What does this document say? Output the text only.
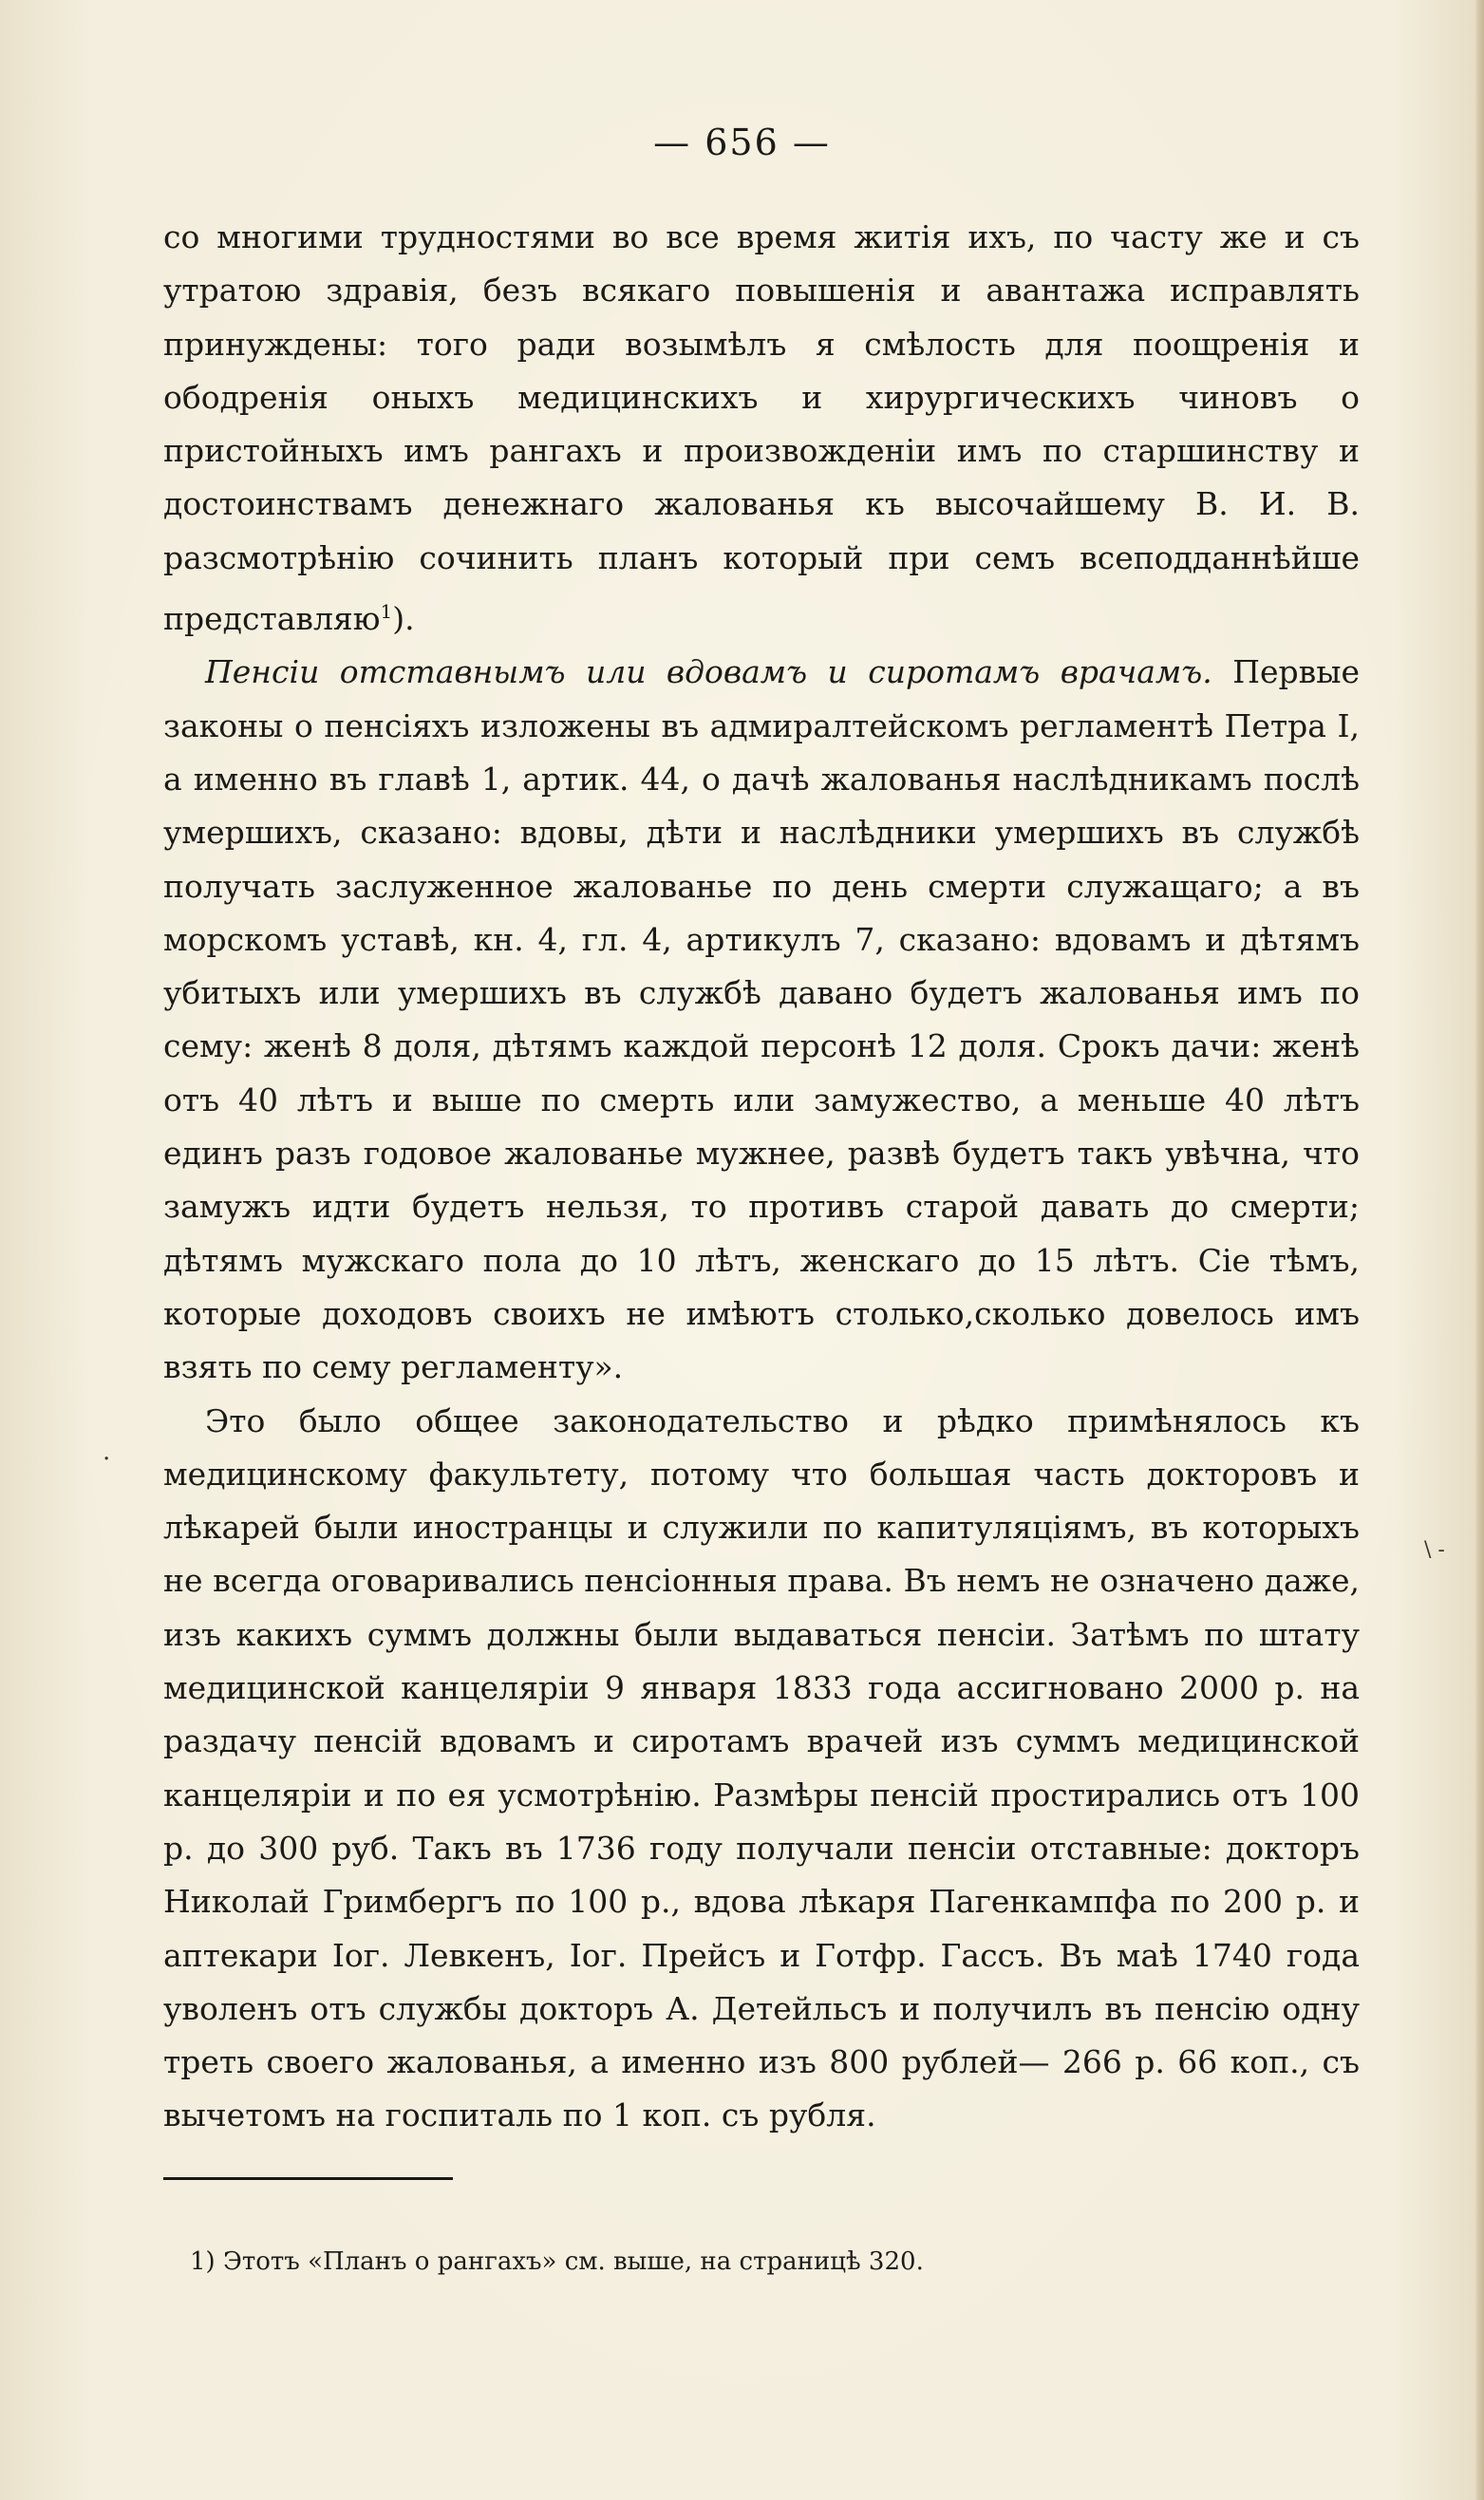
— 656 —

со многими трудностями во все время житія ихъ, по часту же и съ утратою здравія, безъ всякаго повышенія и авантажа исправлять принуждены: того ради возымѣлъ я смѣлость для поощренія и ободренія оныхъ медицинскихъ и хирургическихъ чиновъ о пристойныхъ имъ рангахъ и произвожденіи имъ по старшинству и достоинствамъ денежнаго жалованья къ высочайшему В. И. В. разсмотрѣнію сочинить планъ который при семъ всеподданнѣйше представляю$^1$).

Пенсіи отставнымъ или вдовамъ и сиротамъ врачамъ. Первые законы о пенсіяхъ изложены въ адмиралтейскомъ регламентѣ Петра I, а именно въ главѣ 1, артик. 44, о дачѣ жалованья наслѣдникамъ послѣ умершихъ, сказано: вдовы, дѣти и наслѣдники умершихъ въ службѣ получать заслуженное жалованье по день смерти служащаго; а въ морскомъ уставѣ, кн. 4, гл. 4, артикулъ 7, сказано: вдовамъ и дѣтямъ убитыхъ или умершихъ въ службѣ давано будетъ жалованья имъ по сему: женѣ 8 доля, дѣтямъ каждой персонѣ 12 доля. Срокъ дачи: женѣ отъ 40 лѣтъ и выше по смерть или замужество, а меньше 40 лѣтъ единъ разъ годовое жалованье мужнее, развѣ будетъ такъ увѣчна, что замужъ идти будетъ нельзя, то противъ старой давать до смерти; дѣтямъ мужскаго пола до 10 лѣтъ, женскаго до 15 лѣтъ. Сіе тѣмъ, которые доходовъ своихъ не имѣютъ столько,сколько довелось имъ взять по сему регламенту».

Это было общее законодательство и рѣдко примѣнялось къ медицинскому факультету, потому что большая часть докторовъ и лѣкарей были иностранцы и служили по капитуляціямъ, въ которыхъ не всегда оговаривались пенсіонныя права. Въ немъ не означено даже, изъ какихъ суммъ должны были выдаваться пенсіи. Затѣмъ по штату медицинской канцеляріи 9 января 1833 года ассигновано 2000 р. на раздачу пенсій вдовамъ и сиротамъ врачей изъ суммъ медицинской канцеляріи и по ея усмотрѣнію. Размѣры пенсій простирались отъ 100 р. до 300 руб. Такъ въ 1736 году получали пенсіи отставные: докторъ Николай Гримбергъ по 100 р., вдова лѣкаря Пагенкампфа по 200 р. и аптекари Іог. Левкенъ, Іог. Прейсъ и Готфр. Гассъ. Въ маѣ 1740 года уволенъ отъ службы докторъ А. Детейльсъ и получилъ въ пенсію одну треть своего жалованья, а именно изъ 800 рублей— 266 р. 66 коп., съ вычетомъ на госпиталь по 1 коп. съ рубля.

.
\ -
1) Этотъ «Планъ о рангахъ» см. выше, на страницѣ 320.
